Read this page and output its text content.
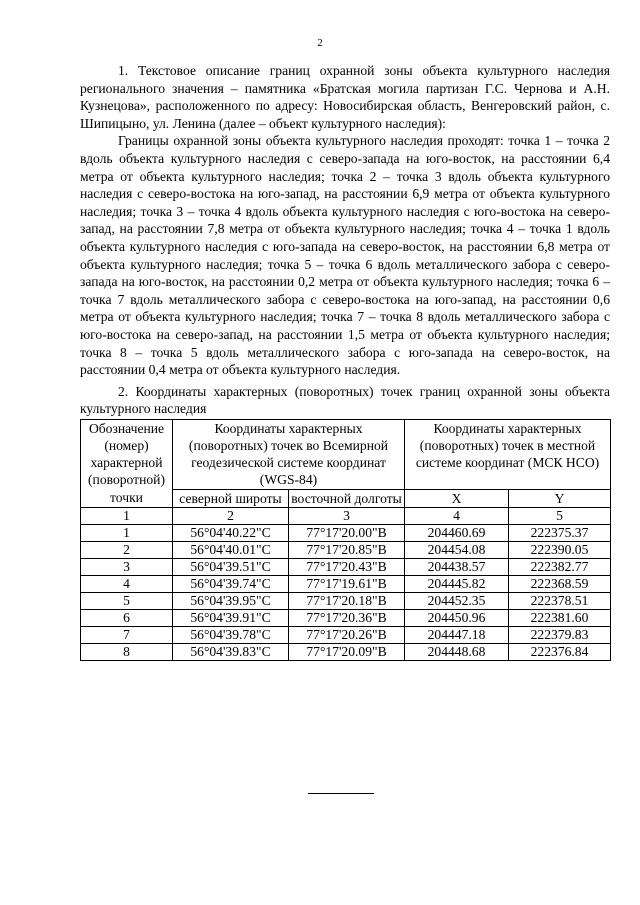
2

1. Текстовое описание границ охранной зоны объекта культурного наследия регионального значения – памятника «Братская могила партизан Г.С. Чернова и А.Н. Кузнецова», расположенного по адресу: Новосибирская область, Венгеровский район, с. Шипицыно, ул. Ленина (далее – объект культурного наследия):

Границы охранной зоны объекта культурного наследия проходят: точка 1 – точка 2 вдоль объекта культурного наследия с северо-запада на юго-восток, на расстоянии 6,4 метра от объекта культурного наследия; точка 2 – точка 3 вдоль объекта культурного наследия с северо-востока на юго-запад, на расстоянии 6,9 метра от объекта культурного наследия; точка 3 – точка 4 вдоль объекта культурного наследия с юго-востока на северо-запад, на расстоянии 7,8 метра от объекта культурного наследия; точка 4 – точка 1 вдоль объекта культурного наследия с юго-запада на северо-восток, на расстоянии 6,8 метра от объекта культурного наследия; точка 5 – точка 6 вдоль металлического забора с северо-запада на юго-восток, на расстоянии 0,2 метра от объекта культурного наследия; точка 6 – точка 7 вдоль металлического забора с северо-востока на юго-запад, на расстоянии 0,6 метра от объекта культурного наследия; точка 7 – точка 8 вдоль металлического забора с юго-востока на северо-запад, на расстоянии 1,5 метра от объекта культурного наследия; точка 8 – точка 5 вдоль металлического забора с юго-запада на северо-восток, на расстоянии 0,4 метра от объекта культурного наследия.

2. Координаты характерных (поворотных) точек границ охранной зоны объекта культурного наследия

Обозначение (номер) характерной (поворотной) точки	Координаты характерных (поворотных) точек во Всемирной геодезической системе координат (WGS-84)		Координаты характерных (поворотных) точек в местной системе координат (МСК НСО)	
	северной широты	восточной долготы	X	Y
1	2	3	4	5
1	56°04'40.22"С	77°17'20.00"В	204460.69	222375.37
2	56°04'40.01"С	77°17'20.85"В	204454.08	222390.05
3	56°04'39.51"С	77°17'20.43"В	204438.57	222382.77
4	56°04'39.74"С	77°17'19.61"В	204445.82	222368.59
5	56°04'39.95"С	77°17'20.18"В	204452.35	222378.51
6	56°04'39.91"С	77°17'20.36"В	204450.96	222381.60
7	56°04'39.78"С	77°17'20.26"В	204447.18	222379.83
8	56°04'39.83"С	77°17'20.09"В	204448.68	222376.84
